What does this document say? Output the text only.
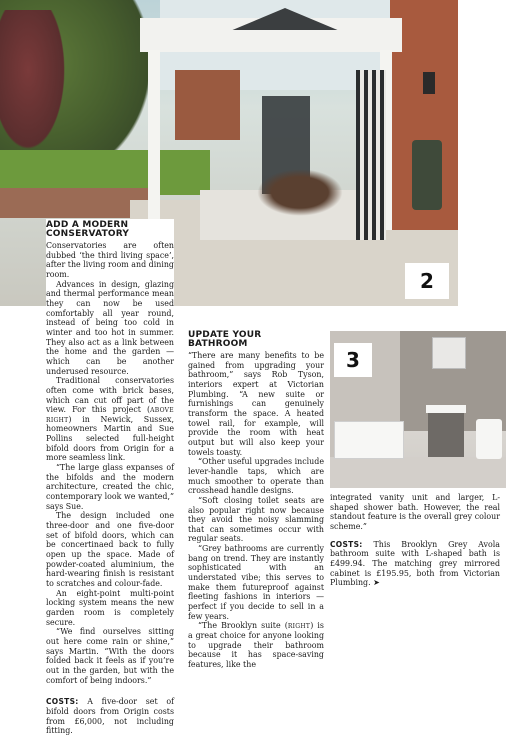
2
3
ADD A MODERN
CONSERVATORY

Conservatories are often dubbed ‘the third living space’, after the living room and dining room.

Advances in design, glazing and thermal performance mean they can now be used comfortably all year round, instead of being too cold in winter and too hot in summer. They also act as a link between the home and the garden — which can be another underused resource.

Traditional conservatories often come with brick bases, which can cut off part of the view. For this project (above right) in Newick, Sussex, homeowners Martin and Sue Pollins selected full-height bifold doors from Origin for a more seamless link.

“The large glass expanses of the bifolds and the modern architecture, created the chic, contemporary look we wanted,” says Sue.

The design included one three-door and one five-door set of bifold doors, which can be concertinaed back to fully open up the space. Made of powder-coated aluminium, the hard-wearing finish is resistant to scratches and colour-fade.

An eight-point multi-point locking system means the new garden room is completely secure.

“We find ourselves sitting out here come rain or shine,” says Martin. “With the doors folded back it feels as if you’re out in the garden, but with the comfort of being indoors.”

COSTS: A five-door set of bifold doors from Origin costs from £6,000, not including fitting.

UPDATE YOUR
BATHROOM

“There are many benefits to be gained from upgrading your bathroom,” says Rob Tyson, interiors expert at Victorian Plumbing. “A new suite or furnishings can genuinely transform the space. A heated towel rail, for example, will provide the room with heat output but will also keep your towels toasty.

“Other useful upgrades include lever-handle taps, which are much smoother to operate than crosshead handle designs.

“Soft closing toilet seats are also popular right now because they avoid the noisy slamming that can sometimes occur with regular seats.

“Grey bathrooms are currently bang on trend. They are instantly sophisticated with an understated vibe; this serves to make them futureproof against fleeting fashions in interiors — perfect if you decide to sell in a few years.

“The Brooklyn suite (right) is a great choice for anyone looking to upgrade their bathroom because it has space-saving features, like the

integrated vanity unit and larger, L-shaped shower bath. However, the real standout feature is the overall grey colour scheme.”

COSTS: This Brooklyn Grey Avola bathroom suite with L-shaped bath is £499.94. The matching grey mirrored cabinet is £195.95, both from Victorian Plumbing. ➤
